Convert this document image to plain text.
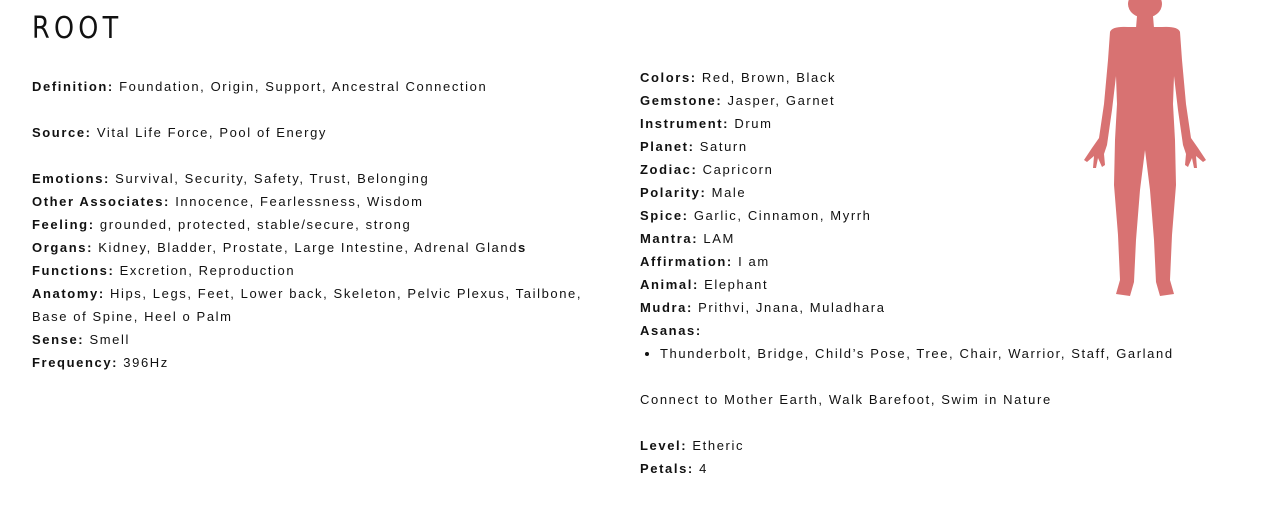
ROOT
Definition: Foundation, Origin, Support, Ancestral Connection
Source: Vital Life Force, Pool of Energy
Emotions: Survival, Security, Safety, Trust, Belonging
Other Associates: Innocence, Fearlessness, Wisdom
Feeling: grounded, protected, stable/secure, strong
Organs: Kidney, Bladder, Prostate, Large Intestine, Adrenal Glands
Functions: Excretion, Reproduction
Anatomy: Hips, Legs, Feet, Lower back, Skeleton, Pelvic Plexus, Tailbone, Base of Spine, Heel o Palm
Sense: Smell
Frequency: 396Hz
Colors: Red, Brown, Black
Gemstone: Jasper, Garnet
Instrument: Drum
Planet: Saturn
Zodiac: Capricorn
Polarity: Male
Spice: Garlic, Cinnamon, Myrrh
Mantra: LAM
Affirmation: I am
Animal: Elephant
Mudra: Prithvi, Jnana, Muladhara
Asanas:
• Thunderbolt, Bridge, Child’s Pose, Tree, Chair, Warrior, Staff, Garland
Connect to Mother Earth, Walk Barefoot, Swim in Nature
Level: Etheric
Petals: 4
